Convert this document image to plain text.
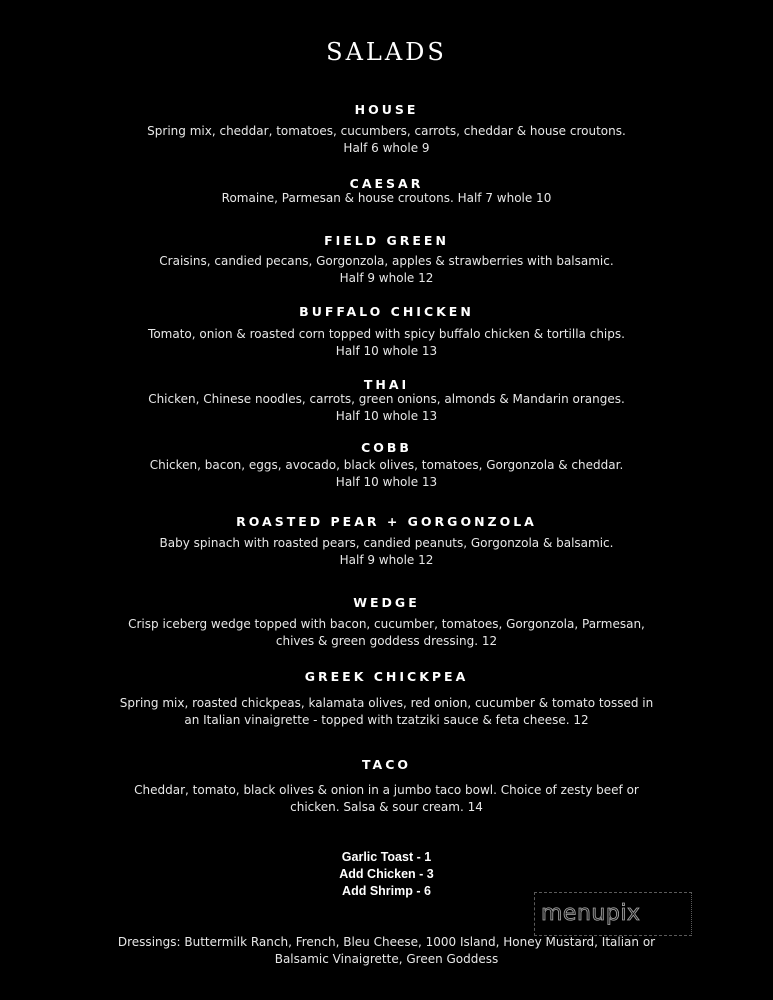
SALADS
HOUSE
Spring mix, cheddar, tomatoes, cucumbers, carrots, cheddar & house croutons.
Half 6 whole 9
CAESAR
Romaine, Parmesan & house croutons. Half 7 whole 10
FIELD GREEN
Craisins, candied pecans, Gorgonzola, apples & strawberries with balsamic.
Half 9 whole 12
BUFFALO CHICKEN
Tomato, onion & roasted corn topped with spicy buffalo chicken & tortilla chips.
Half 10 whole 13
THAI
Chicken, Chinese noodles, carrots, green onions, almonds & Mandarin oranges.
Half 10 whole 13
COBB
Chicken, bacon, eggs, avocado, black olives, tomatoes, Gorgonzola & cheddar.
Half 10 whole 13
ROASTED PEAR + GORGONZOLA
Baby spinach with roasted pears, candied peanuts, Gorgonzola & balsamic.
Half 9 whole 12
WEDGE
Crisp iceberg wedge topped with bacon, cucumber, tomatoes, Gorgonzola, Parmesan,
chives & green goddess dressing. 12
GREEK CHICKPEA
Spring mix, roasted chickpeas, kalamata olives, red onion, cucumber & tomato tossed in
an Italian vinaigrette - topped with tzatziki sauce & feta cheese. 12
TACO
Cheddar, tomato, black olives & onion in a jumbo taco bowl. Choice of zesty beef or
chicken. Salsa & sour cream. 14
Garlic Toast - 1
Add Chicken - 3
Add Shrimp - 6
menupix
Dressings: Buttermilk Ranch, French, Bleu Cheese, 1000 Island, Honey Mustard, Italian or
Balsamic Vinaigrette, Green Goddess
